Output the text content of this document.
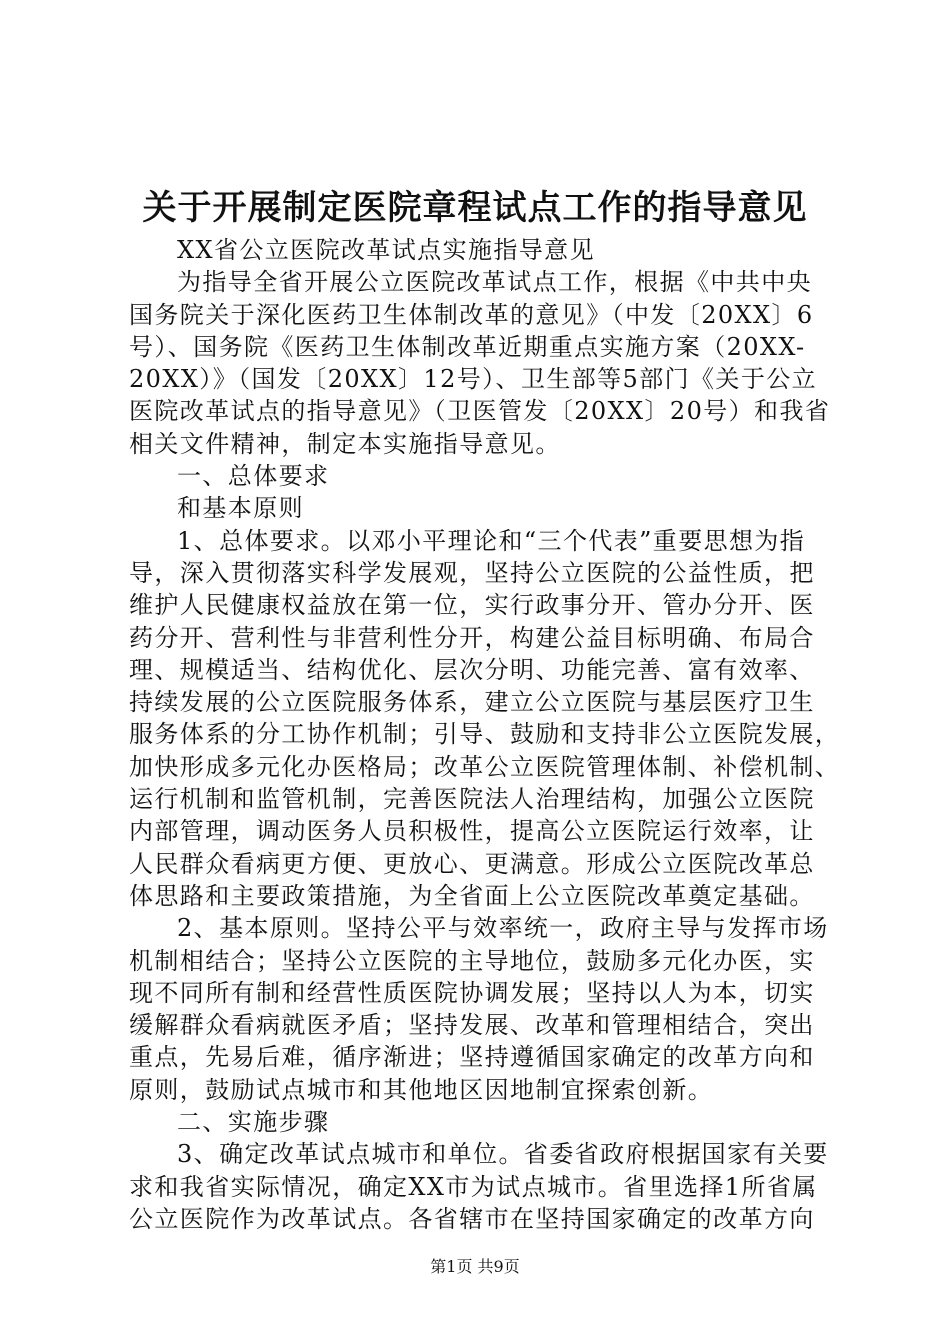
关于开展制定医院章程试点工作的指导意见
XX省公立医院改革试点实施指导意见
为指导全省开展公立医院改革试点工作，根据《中共中央
国务院关于深化医药卫生体制改革的意见》（中发〔20XX〕6
号）、国务院《医药卫生体制改革近期重点实施方案（20XX-
20XX）》（国发〔20XX〕12号）、卫生部等5部门《关于公立
医院改革试点的指导意见》（卫医管发〔20XX〕20号）和我省
相关文件精神，制定本实施指导意见。
一、总体要求
和基本原则
1、总体要求。以邓小平理论和“三个代表”重要思想为指
导，深入贯彻落实科学发展观，坚持公立医院的公益性质，把
维护人民健康权益放在第一位，实行政事分开、管办分开、医
药分开、营利性与非营利性分开，构建公益目标明确、布局合
理、规模适当、结构优化、层次分明、功能完善、富有效率、
持续发展的公立医院服务体系，建立公立医院与基层医疗卫生
服务体系的分工协作机制；引导、鼓励和支持非公立医院发展，
加快形成多元化办医格局；改革公立医院管理体制、补偿机制、
运行机制和监管机制，完善医院法人治理结构，加强公立医院
内部管理，调动医务人员积极性，提高公立医院运行效率，让
人民群众看病更方便、更放心、更满意。形成公立医院改革总
体思路和主要政策措施，为全省面上公立医院改革奠定基础。
2、基本原则。坚持公平与效率统一，政府主导与发挥市场
机制相结合；坚持公立医院的主导地位，鼓励多元化办医，实
现不同所有制和经营性质医院协调发展；坚持以人为本，切实
缓解群众看病就医矛盾；坚持发展、改革和管理相结合，突出
重点，先易后难，循序渐进；坚持遵循国家确定的改革方向和
原则，鼓励试点城市和其他地区因地制宜探索创新。
二、实施步骤
3、确定改革试点城市和单位。省委省政府根据国家有关要
求和我省实际情况，确定XX市为试点城市。省里选择1所省属
公立医院作为改革试点。各省辖市在坚持国家确定的改革方向
第1页 共9页
